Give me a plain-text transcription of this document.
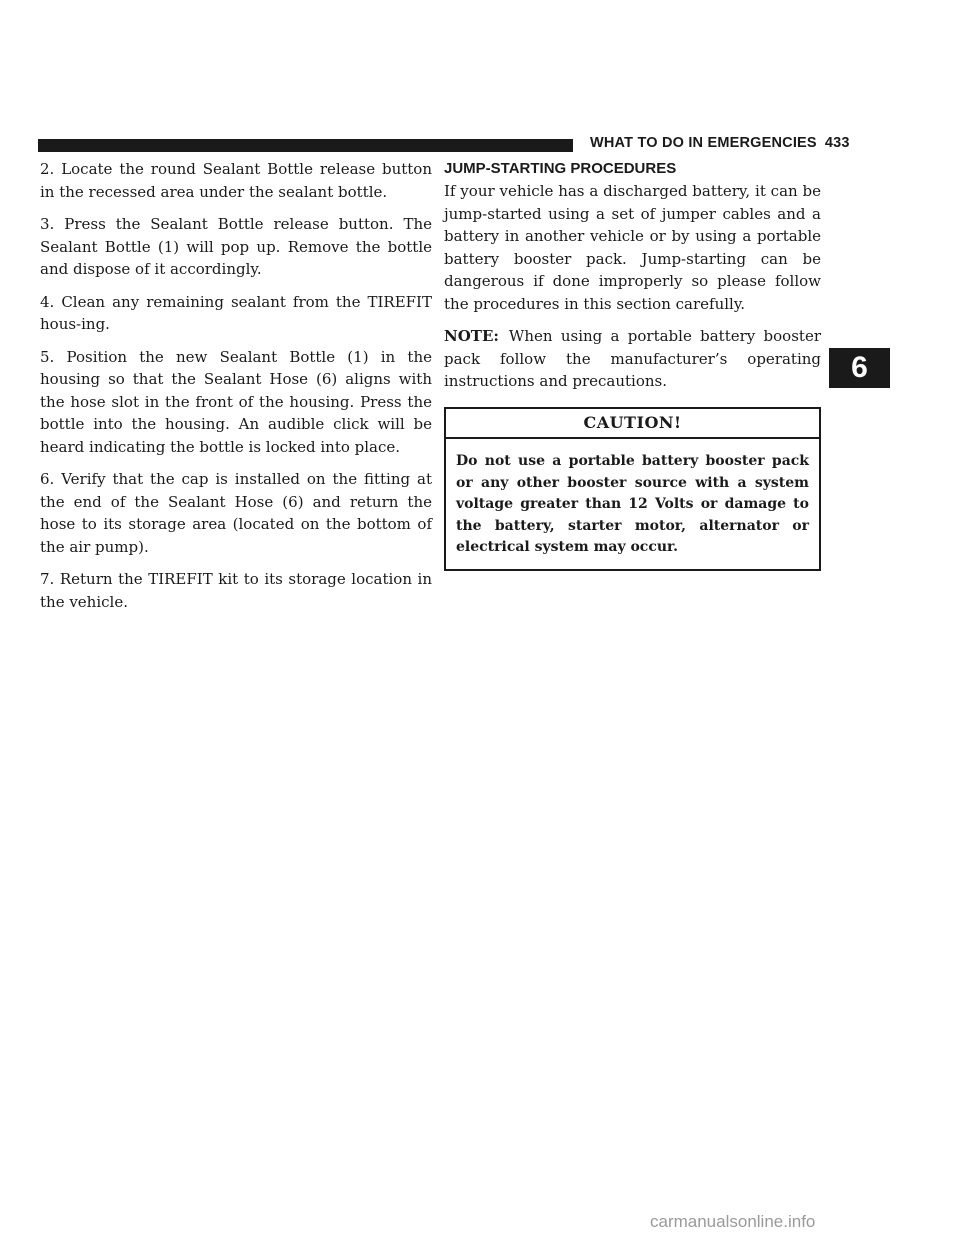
WHAT TO DO IN EMERGENCIES 433

2. Locate the round Sealant Bottle release button in the recessed area under the sealant bottle.

3. Press the Sealant Bottle release button. The Sealant Bottle (1) will pop up. Remove the bottle and dispose of it accordingly.

4. Clean any remaining sealant from the TIREFIT hous-ing.

5. Position the new Sealant Bottle (1) in the housing so that the Sealant Hose (6) aligns with the hose slot in the front of the housing. Press the bottle into the housing. An audible click will be heard indicating the bottle is locked into place.

6. Verify that the cap is installed on the fitting at the end of the Sealant Hose (6) and return the hose to its storage area (located on the bottom of the air pump).

7. Return the TIREFIT kit to its storage location in the vehicle.

JUMP-STARTING PROCEDURES

If your vehicle has a discharged battery, it can be jump-started using a set of jumper cables and a battery in another vehicle or by using a portable battery booster pack. Jump-starting can be dangerous if done improperly so please follow the procedures in this section carefully.

NOTE: When using a portable battery booster pack follow the manufacturer’s operating instructions and precautions.

CAUTION!
Do not use a portable battery booster pack or any other booster source with a system voltage greater than 12 Volts or damage to the battery, starter motor, alternator or electrical system may occur.
6
carmanualsonline.info
